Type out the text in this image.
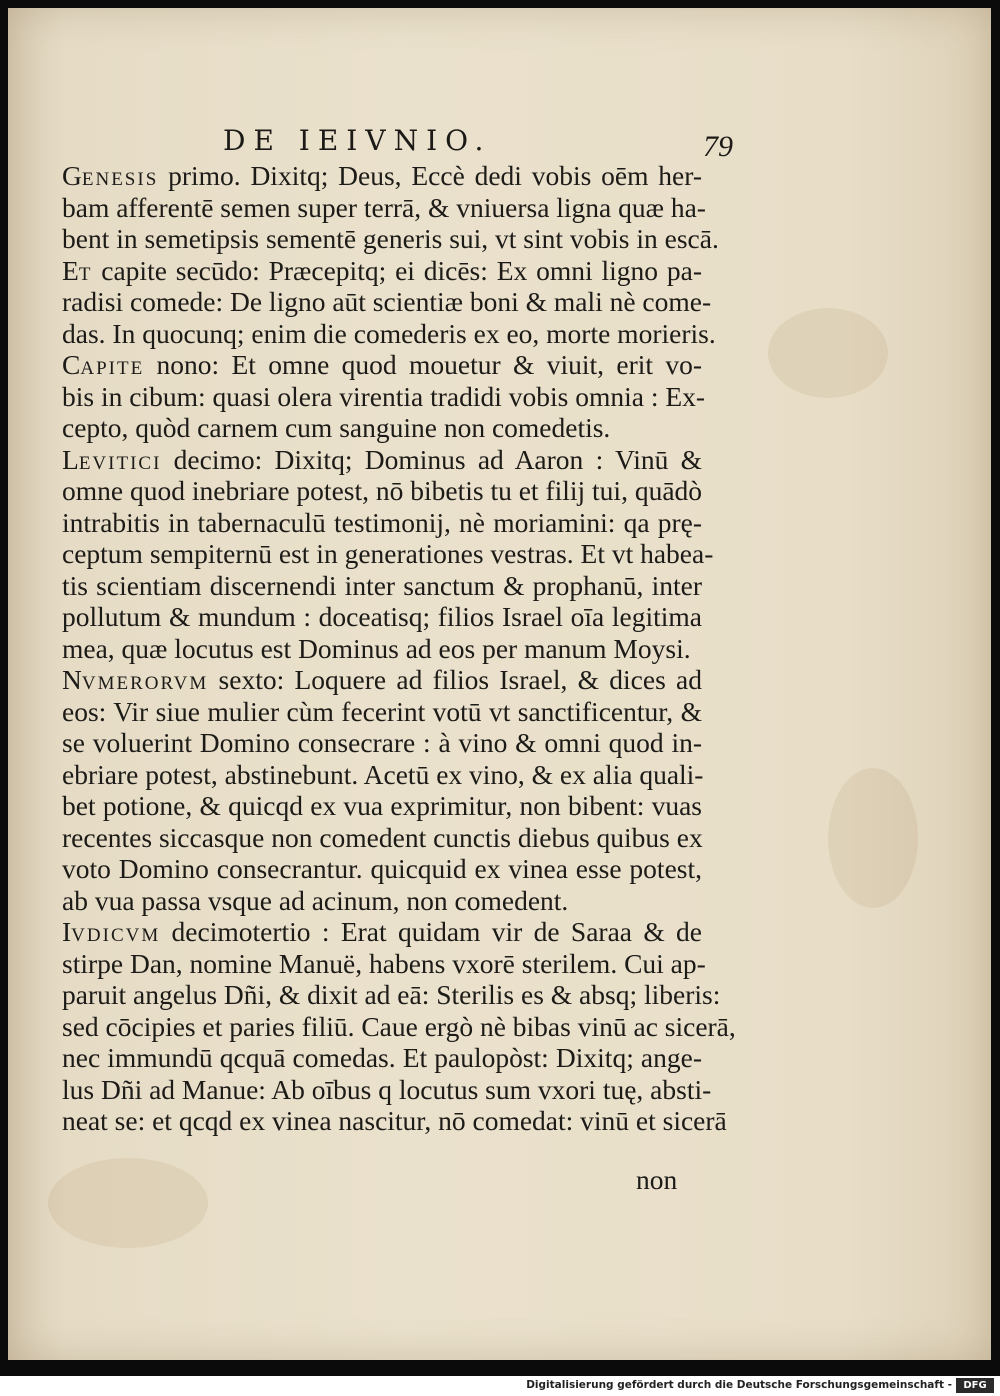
DE IEIVNIO.	79
Genesis primo. Dixitq; Deus, Eccè dedi vobis oēm her-
bam afferentē semen super terrā, & vniuersa ligna quæ ha-
bent in semetipsis sementē generis sui, vt sint vobis in escā.
Et capite secūdo: Præcepitq; ei dicēs: Ex omni ligno pa-
radisi comede: De ligno aūt scientiæ boni & mali nè come-
das. In quocunq; enim die comederis ex eo, morte morieris.
Capite nono: Et omne quod mouetur & viuit, erit vo-
bis in cibum: quasi olera virentia tradidi vobis omnia : Ex-
cepto, quòd carnem cum sanguine non comedetis.
Levitici decimo: Dixitq; Dominus ad Aaron : Vinū &
omne quod inebriare potest, nō bibetis tu et filij tui, quādò
intrabitis in tabernaculū testimonij, nè moriamini: qa prę-
ceptum sempiternū est in generationes vestras. Et vt habea-
tis scientiam discernendi inter sanctum & prophanū, inter
pollutum & mundum : doceatisq; filios Israel oīa legitima
mea, quæ locutus est Dominus ad eos per manum Moysi.
Nvmerorvm sexto: Loquere ad filios Israel, & dices ad
eos: Vir siue mulier cùm fecerint votū vt sanctificentur, &
se voluerint Domino consecrare : à vino & omni quod in-
ebriare potest, abstinebunt. Acetū ex vino, & ex alia quali-
bet potione, & quicqd ex vua exprimitur, non bibent: vuas
recentes siccasque non comedent cunctis diebus quibus ex
voto Domino consecrantur. quicquid ex vinea esse potest,
ab vua passa vsque ad acinum, non comedent.
Ivdicvm decimotertio : Erat quidam vir de Saraa & de
stirpe Dan, nomine Manuë, habens vxorē sterilem. Cui ap-
paruit angelus Dñi, & dixit ad eā: Sterilis es & absq; liberis:
sed cōcipies et paries filiū. Caue ergò nè bibas vinū ac sicerā,
nec immundū qcquā comedas. Et paulopòst: Dixitq; ange-
lus Dñi ad Manue: Ab oībus q locutus sum vxori tuę, absti-
neat se: et qcqd ex vinea nascitur, nō comedat: vinū et sicerā
non
Digitalisierung gefördert durch die Deutsche Forschungsgemeinschaft -	DFG
